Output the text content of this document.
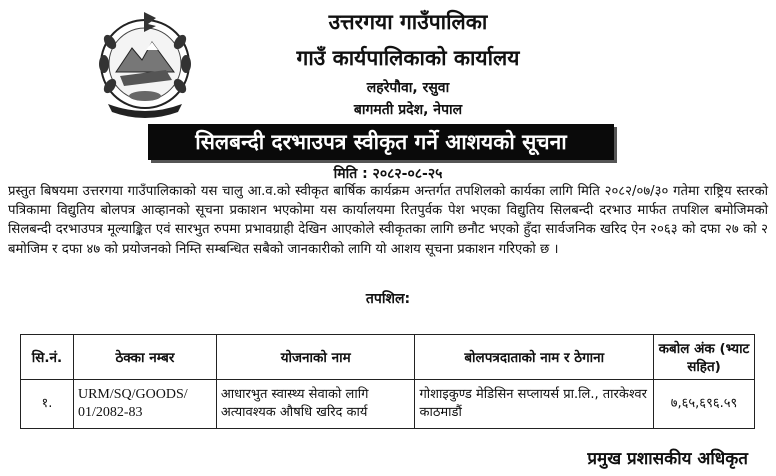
उत्तरगया गाउँपालिका
गाउँ कार्यपालिकाको कार्यालय
लहरेपौवा, रसुवा
बागमती प्रदेश, नेपाल
सिलबन्दी दरभाउपत्र स्वीकृत गर्ने आशयको सूचना
मिति : २०८२-०८-२५

प्रस्तुत बिषयमा उत्तरगया गाउँपालिकाको यस चालु आ.व.को स्वीकृत बार्षिक कार्यक्रम अन्तर्गत तपशिलको कार्यका लागि मिति २०८२/०७/३० गतेमा राष्ट्रिय स्तरको पत्रिकामा विद्युतिय बोलपत्र आव्हानको सूचना प्रकाशन भएकोमा यस कार्यालयमा रितपुर्वक पेश भएका विद्युतिय सिलबन्दी दरभाउ मार्फत तपशिल बमोजिमको सिलबन्दी दरभाउपत्र मूल्याङ्कित एवं सारभुत रुपमा प्रभावग्राही देखिन आएकोले स्वीकृतका लागि छनौट भएको हुँदा सार्वजनिक खरिद ऐन २०६३ को दफा २७ को २ बमोजिम र दफा ४७ को प्रयोजनको निम्ति सम्बन्धित सबैको जानकारीको लागि यो आशय सूचना प्रकाशन गरिएको छ ।

तपशिल:
सि.नं.	ठेक्का नम्बर	योजनाको नाम	बोलपत्रदाताको नाम र ठेगाना	कबोल अंक (भ्याट सहित)
१.	URM/SQ/GOODS/ 01/2082-83	आधारभुत स्वास्थ्य सेवाको लागि अत्यावश्यक औषधि खरिद कार्य	गोशाइकुण्ड मेडिसिन सप्लायर्स प्रा.लि., तारकेश्वर काठमाडौं	७,६५,६९६.५९
प्रमुख प्रशासकीय अधिकृत
